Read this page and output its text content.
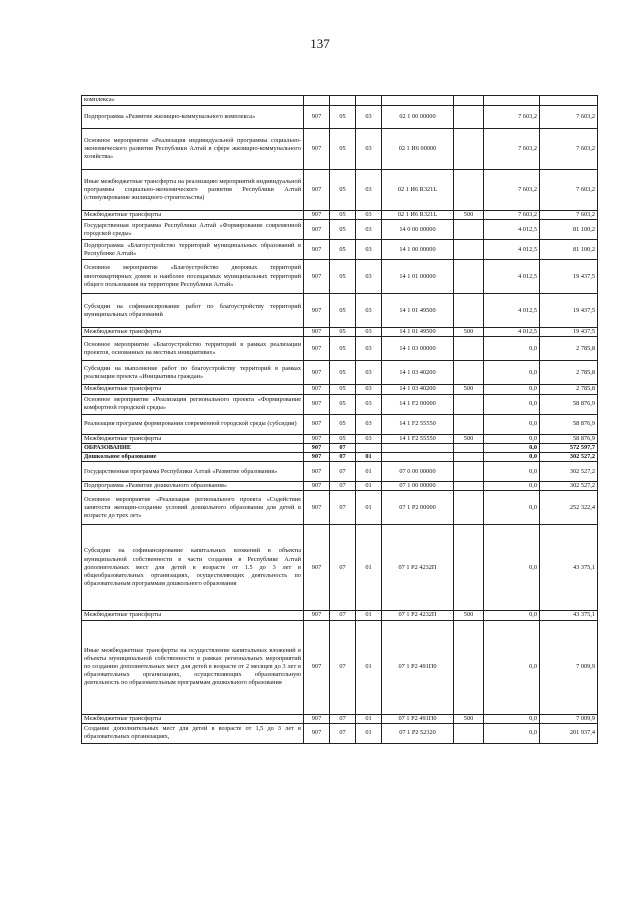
137
комплекса»							
Подпрограмма «Развитие жилищно-коммунального комплекса»	907	05	03	02 1 00 00000		7 603,2	7 603,2
Основное мероприятие «Реализация индивидуальной программы социально-экономического развития Республики Алтай в сфере жилищно-коммунального хозяйства»	907	05	03	02 1 И6 00000		7 603,2	7 603,2
Иные межбюджетные трансферты на реализацию мероприятий индивидуальной программы социально-экономического развития Республики Алтай (стимулирование жилищного строительства)	907	05	03	02 1 И6 R321L		7 603,2	7 603,2
Межбюджетные трансферты	907	05	03	02 1 И6 R321L	500	7 603,2	7 603,2
Государственная программа Республики Алтай «Формирование современной городской среды»	907	05	03	14 0 00 00000		4 012,5	81 100,2
Подпрограмма «Благоустройство территорий муниципальных образований в Республике Алтай»	907	05	03	14 1 00 00000		4 012,5	81 100,2
Основное мероприятие «Благоустройство дворовых территорий многоквартирных домов и наиболее посещаемых муниципальных территорий общего пользования на территории Республики Алтай»	907	05	03	14 1 01 00000		4 012,5	19 437,5
Субсидии на софинансирование работ по благоустройству территорий муниципальных образований	907	05	03	14 1 01 49500		4 012,5	19 437,5
Межбюджетные трансферты	907	05	03	14 1 01 49500	500	4 012,5	19 437,5
Основное мероприятие «Благоустройство территорий в рамках реализации проектов, основанных на местных инициативах»	907	05	03	14 1 03 00000		0,0	2 785,8
Субсидии на выполнение работ по благоустройству территорий в рамках реализации проекта «Инициативы граждан»	907	05	03	14 1 03 40200		0,0	2 785,8
Межбюджетные трансферты	907	05	03	14 1 03 40200	500	0,0	2 785,8
Основное мероприятие «Реализация регионального проекта «Формирование комфортной городской среды»	907	05	03	14 1 F2 00000		0,0	58 876,9
Реализация программ формирования современной городской среды (субсидии)	907	05	03	14 1 F2 55550		0,0	58 876,9
Межбюджетные трансферты	907	05	03	14 1 F2 55550	500	0,0	58 876,9
ОБРАЗОВАНИЕ	907	07				0,0	572 597,7
Дошкольное образование	907	07	01			0,0	302 527,2
Государственная программа Республики Алтай «Развитие образования»	907	07	01	07 0 00 00000		0,0	302 527,2
Подпрограмма «Развитие дошкольного образования»	907	07	01	07 1 00 00000		0,0	302 527,2
Основное мероприятие «Реализация регионального проекта «Содействие занятости женщин-создание условий дошкольного образования для детей в возрасте до трех лет»	907	07	01	07 1 P2 00000		0,0	252 322,4
Субсидии на софинансирование капитальных вложений в объекты муниципальной собственности в части создания в Республике Алтай дополнительных мест для детей в возрасте от 1.5 до 3 лет в общеобразовательных организациях, осуществляющих деятельность по образовательным программам дошкольного образования	907	07	01	07 1 P2 4232П		0,0	43 375,1
Межбюджетные трансферты	907	07	01	07 1 P2 4232П	500	0,0	43 375,1
Иные межбюджетные трансферты на осуществление капитальных вложений в объекты муниципальной собственности в рамках региональных мероприятий по созданию дополнительных мест для детей в возрасте от 2 месяцев до 3 лет в образовательных организациях, осуществляющих образовательную деятельность по образовательным программам дошкольного образования	907	07	01	07 1 P2 491П0		0,0	7 009,9
Межбюджетные трансферты	907	07	01	07 1 P2 491П0	500	0,0	7 009,9
Создание дополнительных мест для детей в возрасте от 1,5 до 3 лет в образовательных организациях,	907	07	01	07 1 P2 52320		0,0	201 937,4
